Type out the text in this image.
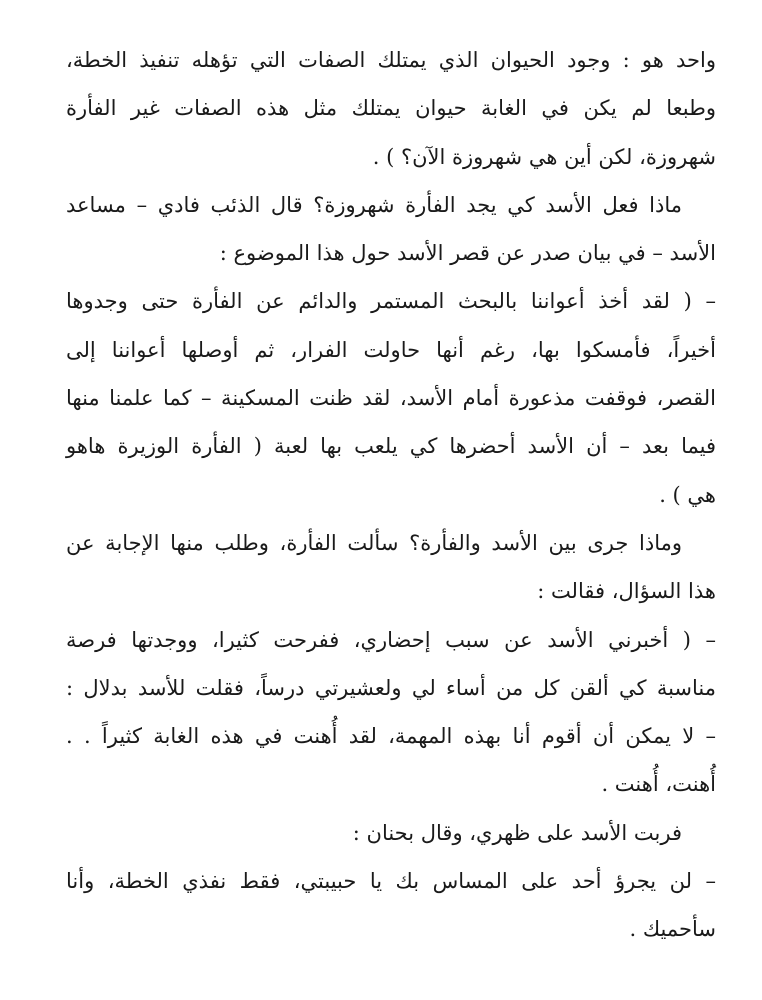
واحد هو : وجود الحيوان الذي يمتلك الصفات التي تؤهله تنفيذ الخطة،
وطبعا لم يكن في الغابة حيوان يمتلك مثل هذه الصفات غير الفأرة
شهروزة، لكن أين هي شهروزة الآن؟ ) .
ماذا فعل الأسد كي يجد الفأرة شهروزة؟ قال الذئب فادي – مساعد
الأسد – في بيان صدر عن قصر الأسد حول هذا الموضوع :
– ( لقد أخذ أعواننا بالبحث المستمر والدائم عن الفأرة حتى وجدوها
أخيراً، فأمسكوا بها، رغم أنها حاولت الفرار، ثم أوصلها أعواننا إلى
القصر، فوقفت مذعورة أمام الأسد، لقد ظنت المسكينة – كما علمنا منها
فيما بعد – أن الأسد أحضرها كي يلعب بها لعبة ( الفأرة الوزيرة هاهو
هي ) .
وماذا جرى بين الأسد والفأرة؟ سألت الفأرة، وطلب منها الإجابة عن
هذا السؤال، فقالت :
– ( أخبرني الأسد عن سبب إحضاري، ففرحت كثيرا، ووجدتها فرصة
مناسبة كي ألقن كل من أساء لي ولعشيرتي درساً، فقلت للأسد بدلال :
– لا يمكن أن أقوم أنا بهذه المهمة، لقد أُهنت في هذه الغابة كثيراً . .
أُهنت، أُهنت .
فربت الأسد على ظهري، وقال بحنان :
– لن يجرؤ أحد على المساس بك يا حبيبتي، فقط نفذي الخطة، وأنا
سأحميك .
